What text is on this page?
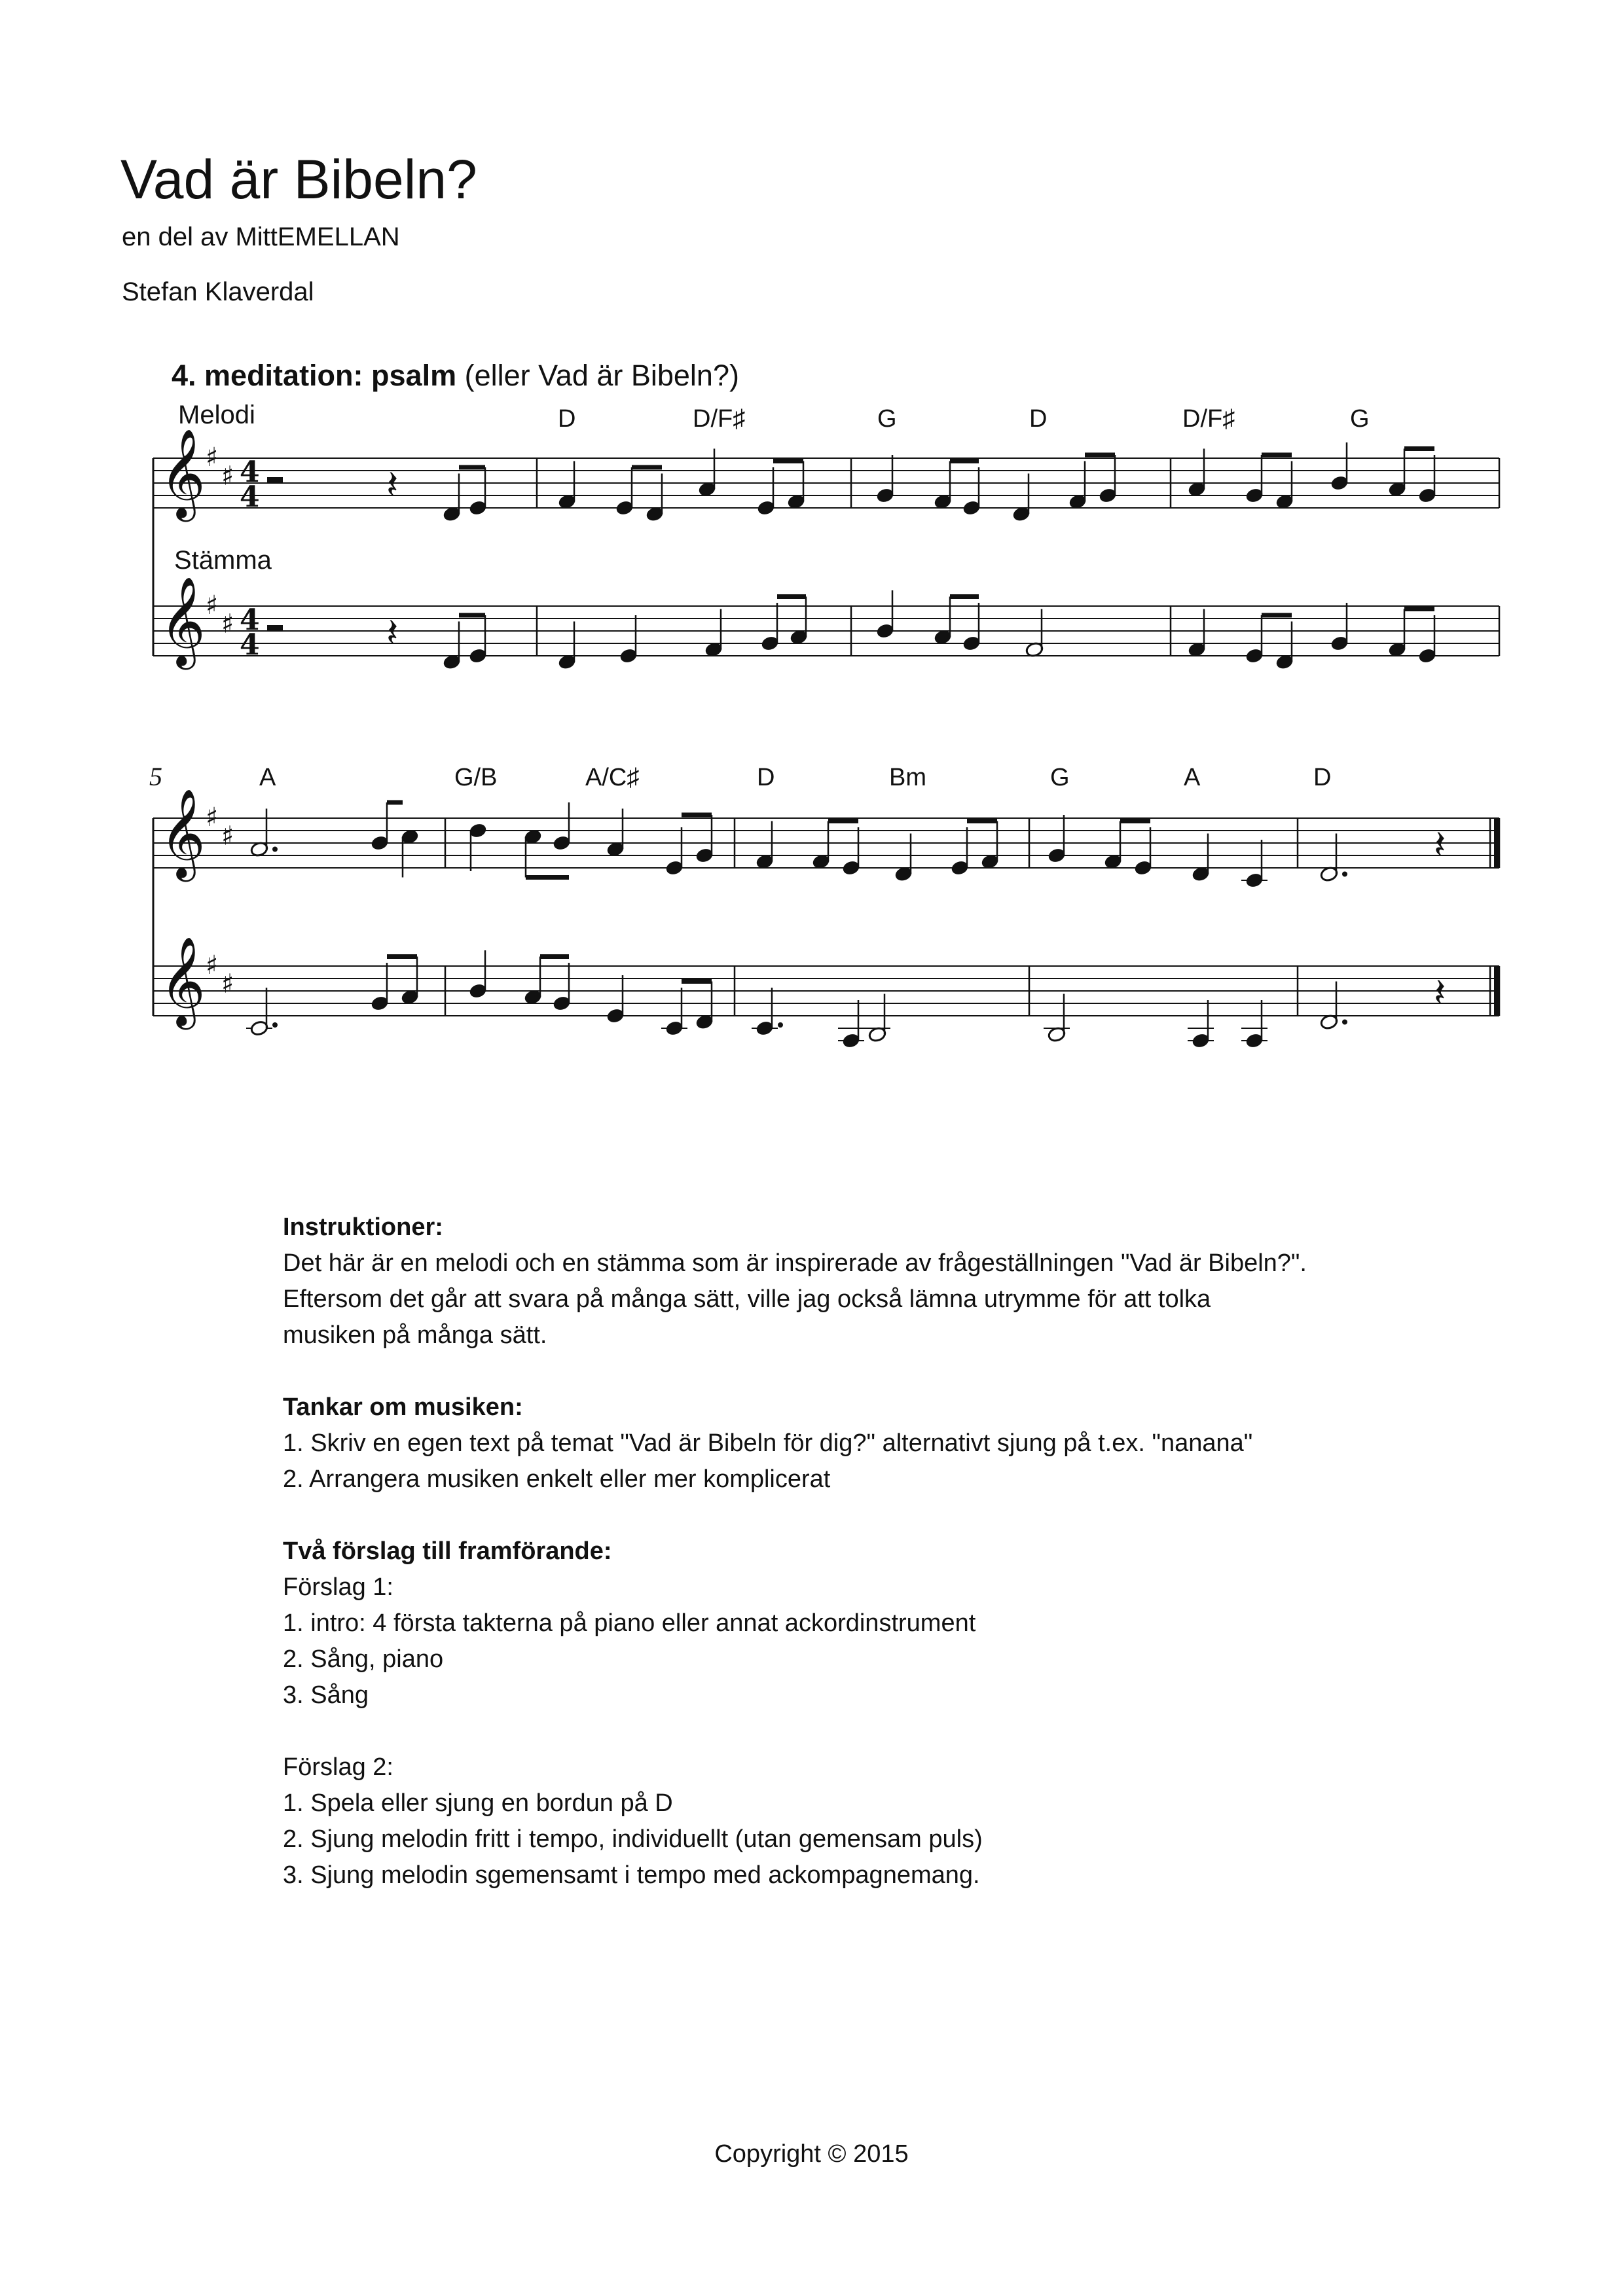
Vad är Bibeln?
en del av MittEMELLAN
Stefan Klaverdal
4. meditation: psalm (eller Vad är Bibeln?)
Melodi
Stämma
D	D/F♯	G	D	D/F♯	G
5	A	G/B	A/C♯	D	Bm	G	A	D
𝄞 ♯
♯ 4
4	𝄽
𝄞 ♯
♯ 4
4	𝄽
𝄞 ♯
♯	𝄽
𝄞 ♯
♯	𝄽
Instruktioner:
Det här är en melodi och en stämma som är inspirerade av frågeställningen "Vad är Bibeln?".
Eftersom det går att svara på många sätt, ville jag också lämna utrymme för att tolka
musiken på många sätt.
Tankar om musiken:
1. Skriv en egen text på temat "Vad är Bibeln för dig?" alternativt sjung på t.ex. "nanana"
2. Arrangera musiken enkelt eller mer komplicerat
Två förslag till framförande:
Förslag 1:
1. intro: 4 första takterna på piano eller annat ackordinstrument
2. Sång, piano
3. Sång
Förslag 2:
1. Spela eller sjung en bordun på D
2. Sjung melodin fritt i tempo, individuellt (utan gemensam puls)
3. Sjung melodin sgemensamt i tempo med ackompagnemang.
Copyright © 2015
